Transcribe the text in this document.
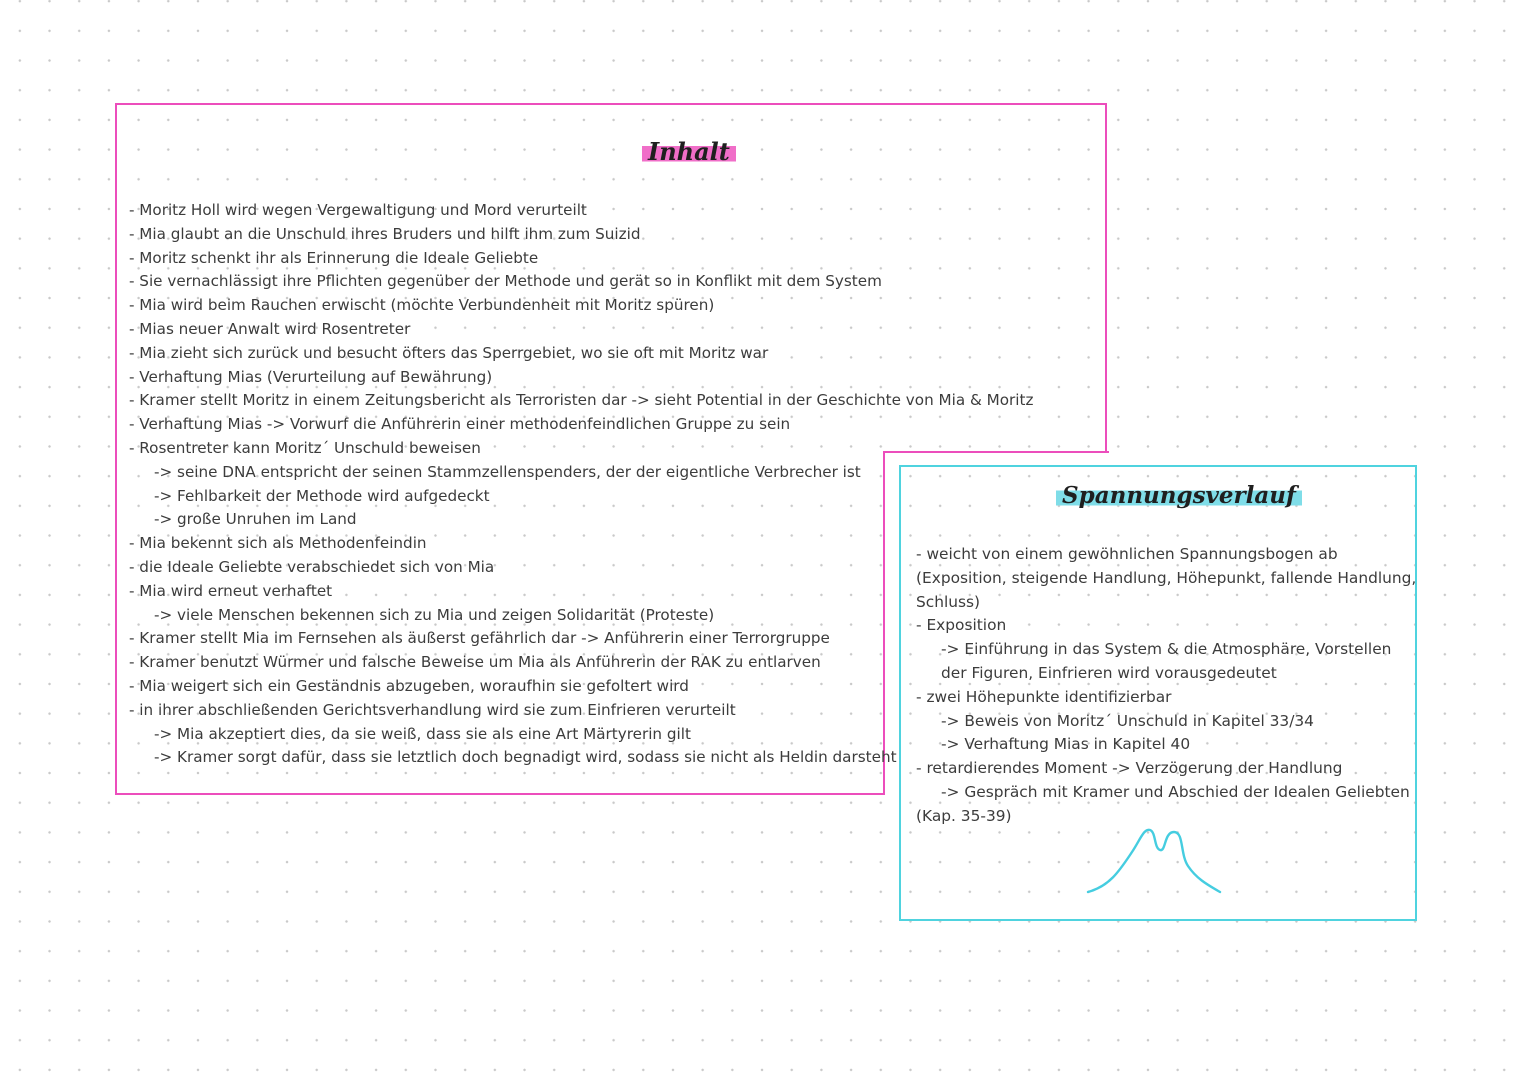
Inhalt
- Moritz Holl wird wegen Vergewaltigung und Mord verurteilt
- Mia glaubt an die Unschuld ihres Bruders und hilft ihm zum Suizid
- Moritz schenkt ihr als Erinnerung die Ideale Geliebte
- Sie vernachlässigt ihre Pflichten gegenüber der Methode und gerät so in Konflikt mit dem System
- Mia wird beim Rauchen erwischt (möchte Verbundenheit mit Moritz spüren)
- Mias neuer Anwalt wird Rosentreter
- Mia zieht sich zurück und besucht öfters das Sperrgebiet, wo sie oft mit Moritz war
- Verhaftung Mias (Verurteilung auf Bewährung)
- Kramer stellt Moritz in einem Zeitungsbericht als Terroristen dar -> sieht Potential in der Geschichte von Mia & Moritz
- Verhaftung Mias -> Vorwurf die Anführerin einer methodenfeindlichen Gruppe zu sein
- Rosentreter kann Moritz´ Unschuld beweisen
-> seine DNA entspricht der seinen Stammzellenspenders, der der eigentliche Verbrecher ist
-> Fehlbarkeit der Methode wird aufgedeckt
-> große Unruhen im Land
- Mia bekennt sich als Methodenfeindin
- die Ideale Geliebte verabschiedet sich von Mia
- Mia wird erneut verhaftet
-> viele Menschen bekennen sich zu Mia und zeigen Solidarität (Proteste)
- Kramer stellt Mia im Fernsehen als äußerst gefährlich dar -> Anführerin einer Terrorgruppe
- Kramer benutzt Würmer und falsche Beweise um Mia als Anführerin der RAK zu entlarven
- Mia weigert sich ein Geständnis abzugeben, woraufhin sie gefoltert wird
- in ihrer abschließenden Gerichtsverhandlung wird sie zum Einfrieren verurteilt
-> Mia akzeptiert dies, da sie weiß, dass sie als eine Art Märtyrerin gilt
-> Kramer sorgt dafür, dass sie letztlich doch begnadigt wird, sodass sie nicht als Heldin darsteht
Spannungsverlauf
- weicht von einem gewöhnlichen Spannungsbogen ab
(Exposition, steigende Handlung, Höhepunkt, fallende Handlung,
Schluss)
- Exposition
-> Einführung in das System & die Atmosphäre, Vorstellen
der Figuren, Einfrieren wird vorausgedeutet
- zwei Höhepunkte identifizierbar
-> Beweis von Moritz´ Unschuld in Kapitel 33/34
-> Verhaftung Mias in Kapitel 40
- retardierendes Moment -> Verzögerung der Handlung
-> Gespräch mit Kramer und Abschied der Idealen Geliebten
(Kap. 35-39)
